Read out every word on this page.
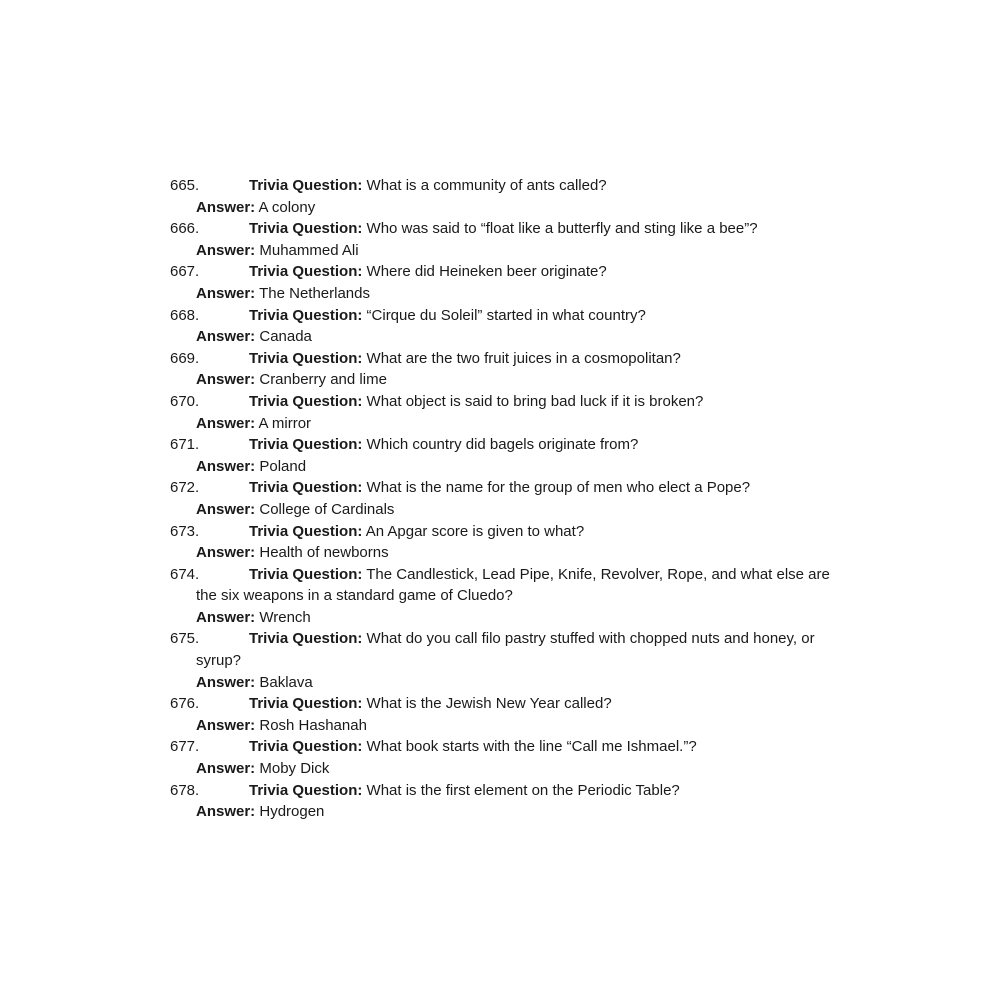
665.	Trivia Question: What is a community of ants called?
Answer: A colony
666.	Trivia Question: Who was said to “float like a butterfly and sting like a bee”?
Answer: Muhammed Ali
667.	Trivia Question: Where did Heineken beer originate?
Answer: The Netherlands
668.	Trivia Question: “Cirque du Soleil” started in what country?
Answer: Canada
669.	Trivia Question: What are the two fruit juices in a cosmopolitan?
Answer: Cranberry and lime
670.	Trivia Question: What object is said to bring bad luck if it is broken?
Answer: A mirror
671.	Trivia Question: Which country did bagels originate from?
Answer: Poland
672.	Trivia Question: What is the name for the group of men who elect a Pope?
Answer: College of Cardinals
673.	Trivia Question: An Apgar score is given to what?
Answer: Health of newborns
674.	Trivia Question: The Candlestick, Lead Pipe, Knife, Revolver, Rope, and what else are the six weapons in a standard game of Cluedo?
Answer: Wrench
675.	Trivia Question: What do you call filo pastry stuffed with chopped nuts and honey, or syrup?
Answer: Baklava
676.	Trivia Question: What is the Jewish New Year called?
Answer: Rosh Hashanah
677.	Trivia Question: What book starts with the line “Call me Ishmael.”?
Answer: Moby Dick
678.	Trivia Question: What is the first element on the Periodic Table?
Answer: Hydrogen
